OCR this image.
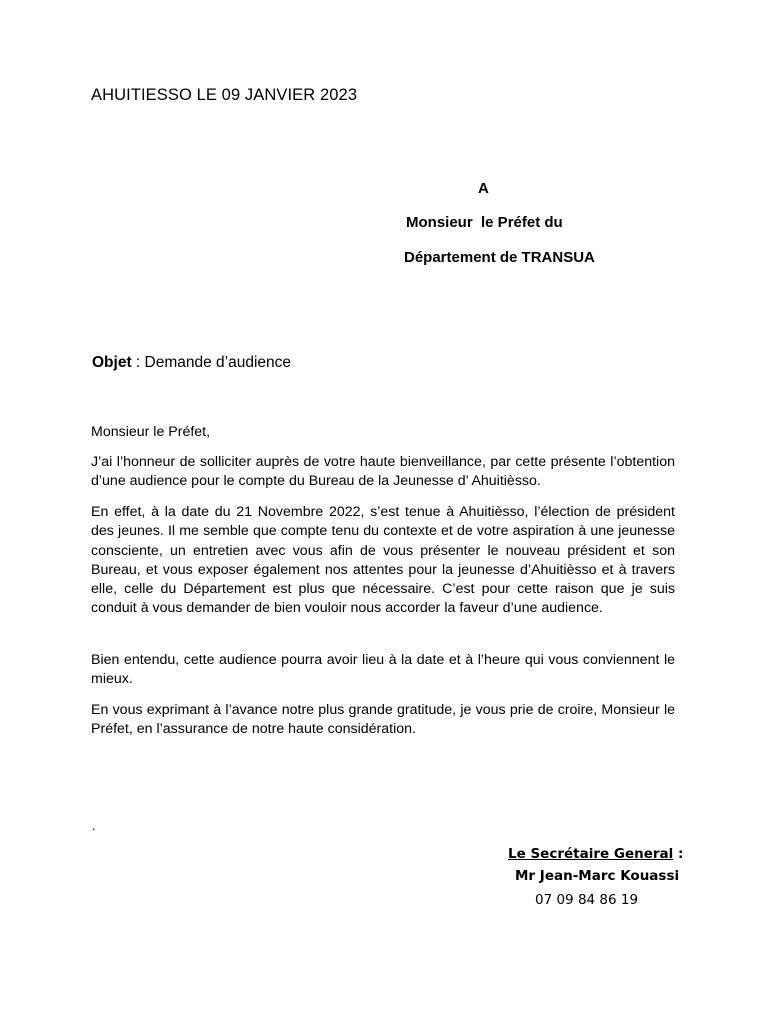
AHUITIESSO LE 09 JANVIER 2023
A
Monsieur  le Préfet du
Département de TRANSUA
Objet : Demande d’audience
Monsieur le Préfet,
J’ai l’honneur de solliciter auprès de votre haute bienveillance, par cette présente l’obtention d’une audience pour le compte du Bureau de la Jeunesse d’ Ahuitièsso.
En effet, à la date du 21 Novembre 2022, s’est tenue à Ahuitièsso, l’élection de président des jeunes. Il me semble que compte tenu du contexte et de votre aspiration à une jeunesse consciente, un entretien avec vous afin de vous présenter le nouveau président et son Bureau, et vous exposer également nos attentes pour la jeunesse d’Ahuitièsso et à travers elle, celle du Département est plus que nécessaire. C’est pour cette raison que je suis conduit à vous demander de bien vouloir nous accorder la faveur d’une audience.
Bien entendu, cette audience pourra avoir lieu à la date et à l’heure qui vous conviennent le mieux.
En vous exprimant à l’avance notre plus grande gratitude, je vous prie de croire, Monsieur le Préfet, en l’assurance de notre haute considération.
.
Le Secrétaire General :
Mr Jean-Marc Kouassi
07 09 84 86 19
